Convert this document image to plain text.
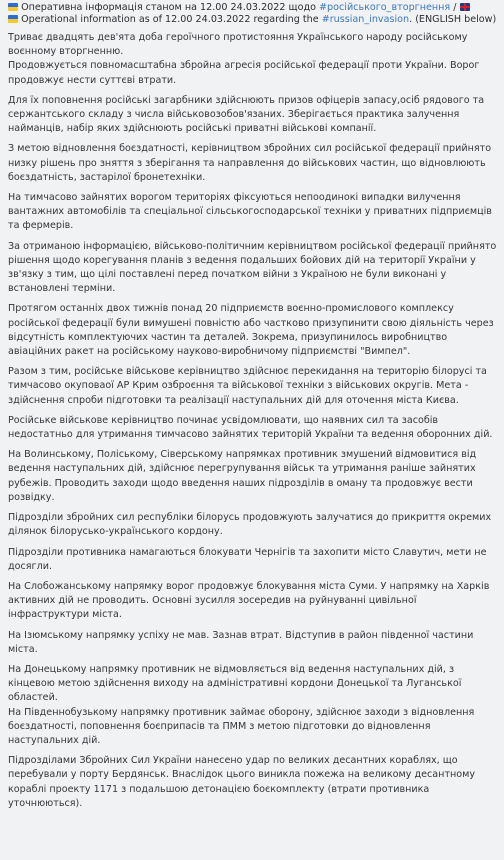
Оперативна інформація станом на 12.00 24.03.2022 щодо #російського_вторгнення /
Operational information as of 12.00 24.03.2022 regarding the #russian_invasion. (ENGLISH below)

Триває двадцять дев'ята доба героїчного протистояння Українського народу російському воєнному вторгненню.

Продовжується повномасштабна збройна агресія російської федерації проти України. Ворог продовжує нести суттєві втрати.

Для їх поповнення російські загарбники здійснюють призов офіцерів запасу,осіб рядового та сержантського складу з числа військовозобов'язаних. Зберігається практика залучення найманців, набір яких здійснюють російські приватні військові компанії.

З метою відновлення боєздатності, керівництвом збройних сил російської федерації прийнято низку рішень про зняття з зберігання та направлення до військових частин, що відновлюють боєздатність, застарілої бронетехніки.

На тимчасово зайнятих ворогом територіях фіксуються непоодинокі випадки вилучення вантажних автомобілів та спеціальної сільськогосподарської техніки у приватних підприємців та фермерів.

За отриманою інформацією, військово-політичним керівництвом російської федерації прийнято рішення щодо корегування планів з ведення подальших бойових дій на території України у зв'язку з тим, що цілі поставлені перед початком війни з Україною не були виконані у встановлені терміни.

Протягом останніх двох тижнів понад 20 підприємств воєнно-промислового комплексу російської федерації були вимушені повністю або частково призупинити свою діяльність через відсутність комплектуючих частин та деталей. Зокрема, призупинилось виробництво авіаційних ракет на російському науково-виробничому підприємстві "Вимпел".

Разом з тим, російське військове керівництво здійснює перекидання на територію білорусі та тимчасово окуповаої АР Крим озброєння та військової техніки з військових округів. Мета - здійснення спроби підготовки та реалізації наступальних дій для оточення міста Києва.

Російське військове керівництво починає усвідомлювати, що наявних сил та засобів недостатньо для утримання тимчасово зайнятих територій України та ведення оборонних дій.

На Волинському, Поліському, Сіверському напрямках противник змушений відмовитися від ведення наступальних дій, здійснює перегрупування військ та утримання раніше зайнятих рубежів. Проводить заходи щодо введення наших підрозділів в оману та продовжує вести розвідку.

Підрозділи збройних сил республіки білорусь продовжують залучатися до прикриття окремих ділянок білорусько-українського кордону.

Підрозділи противника намагаються блокувати Чернігів та захопити місто Славутич, мети не досягли.

На Слобожанському напрямку ворог продовжує блокування міста Суми. У напрямку на Харків активних дій не проводить. Основні зусилля зосередив на руйнуванні цивільної інфраструктури міста.

На Ізюмському напрямку успіху не мав. Зазнав втрат. Відступив в район південної частини міста.

На Донецькому напрямку противник не відмовляється від ведення наступальних дій, з кінцевою метою здійснення виходу на адміністративні кордони Донецької та Луганської областей.

На Південнобузькому напрямку противник займає оборону, здійснює заходи з відновлення боєздатності, поповнення боєприпасів та ПММ з метою підготовки до відновлення наступальних дій.

Підрозділами Збройних Сил України нанесено удар по великих десантних кораблях, що перебували у порту Бердянськ. Внаслідок цього виникла пожежа на великому десантному кораблі проекту 1171 з подальшою детонацією боєкомплекту (втрати противника уточнюються).
